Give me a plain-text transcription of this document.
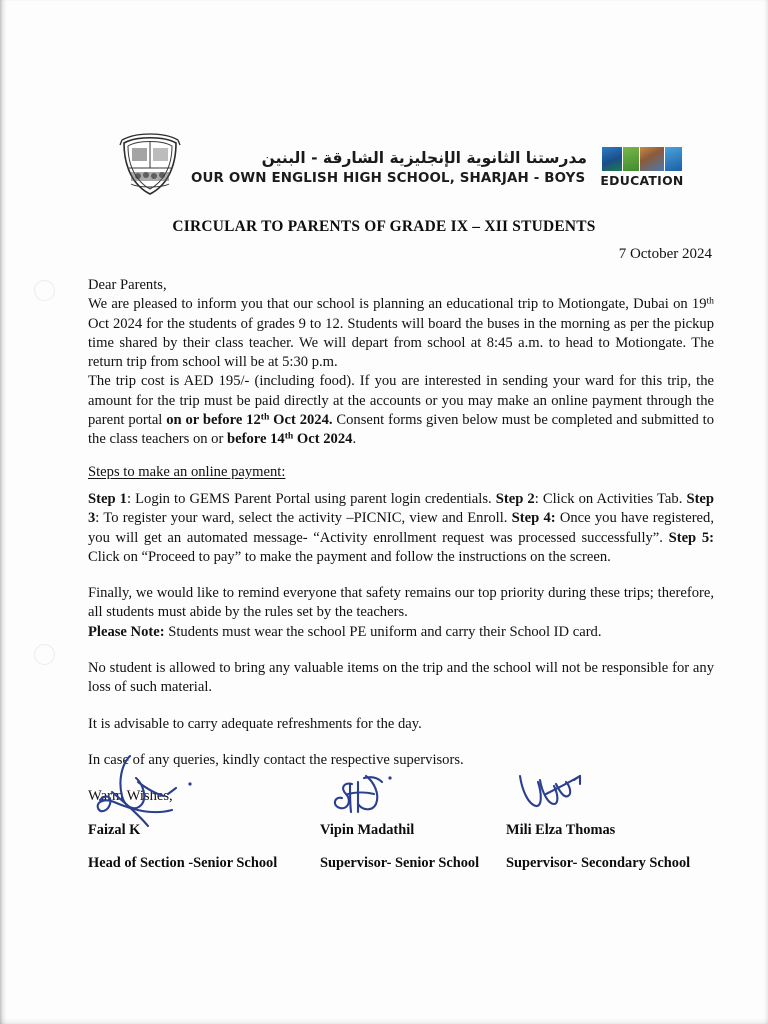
مدرستنا الثانوية الإنجليزية الشارقة - البنين
OUR OWN ENGLISH HIGH SCHOOL, SHARJAH - BOYS	EDUCATION
CIRCULAR TO PARENTS OF GRADE IX – XII STUDENTS
7 October 2024

Dear Parents,

We are pleased to inform you that our school is planning an educational trip to Motiongate, Dubai on 19th Oct 2024 for the students of grades 9 to 12. Students will board the buses in the morning as per the pickup time shared by their class teacher. We will depart from school at 8:45 a.m. to head to Motiongate. The return trip from school will be at 5:30 p.m.

The trip cost is AED 195/- (including food). If you are interested in sending your ward for this trip, the amount for the trip must be paid directly at the accounts or you may make an online payment through the parent portal on or before 12th Oct 2024. Consent forms given below must be completed and submitted to the class teachers on or before 14th Oct 2024.

Steps to make an online payment:

Step 1: Login to GEMS Parent Portal using parent login credentials. Step 2: Click on Activities Tab. Step 3: To register your ward, select the activity –PICNIC, view and Enroll. Step 4: Once you have registered, you will get an automated message- “Activity enrollment request was processed successfully”. Step 5: Click on “Proceed to pay” to make the payment and follow the instructions on the screen.

Finally, we would like to remind everyone that safety remains our top priority during these trips; therefore, all students must abide by the rules set by the teachers.

Please Note: Students must wear the school PE uniform and carry their School ID card.

No student is allowed to bring any valuable items on the trip and the school will not be responsible for any loss of such material.

It is advisable to carry adequate refreshments for the day.

In case of any queries, kindly contact the respective supervisors.

Warm Wishes,

Faizal K
Head of Section -Senior School
Vipin Madathil
Supervisor- Senior School
Mili Elza Thomas
Supervisor- Secondary School
